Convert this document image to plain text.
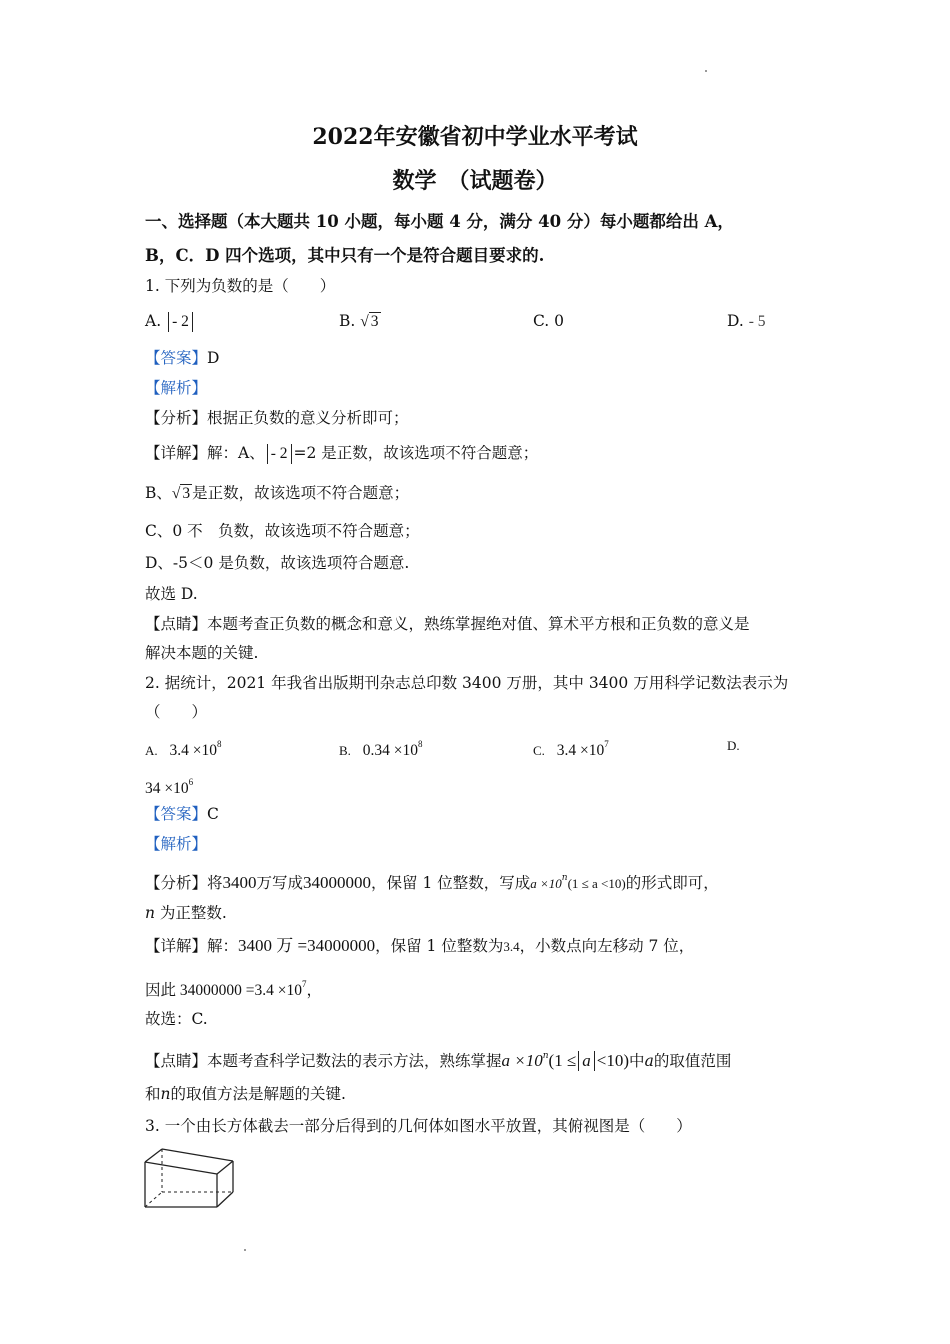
2022年安徽省初中学业水平考试
数学　（试题卷）
一、选择题（本大题共 10 小题，每小题 4 分，满分 40 分）每小题都给出 A，
B，C．D 四个选项，其中只有一个是符合题目要求的.
1. 下列为负数的是（　　）
A. - 2	B. √ 3	C. 0	D. - 5
【答案】D
【解析】
【分析】根据正负数的意义分析即可；
【详解】解：A、 - 2 =2 是正数，故该选项不符合题意；
B、√ 3 是正数，故该选项不符合题意；
C、0 不　负数，故该选项不符合题意；
D、-5＜0 是负数，故该选项符合题意.
故选 D.
【点睛】本题考查正负数的概念和意义，熟练掌握绝对值、算术平方根和正负数的意义是
解决本题的关键.
2. 据统计，2021 年我省出版期刊杂志总印数 3400 万册，其中 3400 万用科学记数法表示为
（　　）
A. $3.4 \times 10^8$	B. $0.34 \times 10^8$	C. $3.4 \times 10^7$	D.
$34 \times 10^6$
【答案】C
【解析】
【分析】将3400万写成34000000，保留 1 位整数，写成$a \times 10^n(1 \le a <10)$的形式即可，
n 为正整数.
【详解】解：3400 万 =34000000，保留 1 位整数为3.4，小数点向左移动 7 位，
因此 $34000000 =3.4 \times 10^7$，
故选：C.
【点睛】本题考查科学记数法的表示方法，熟练掌握$a \times 10^n(1 \le a <10)$中a的取值范围
和n的取值方法是解题的关键.
3. 一个由长方体截去一部分后得到的几何体如图水平放置，其俯视图是（　　）
